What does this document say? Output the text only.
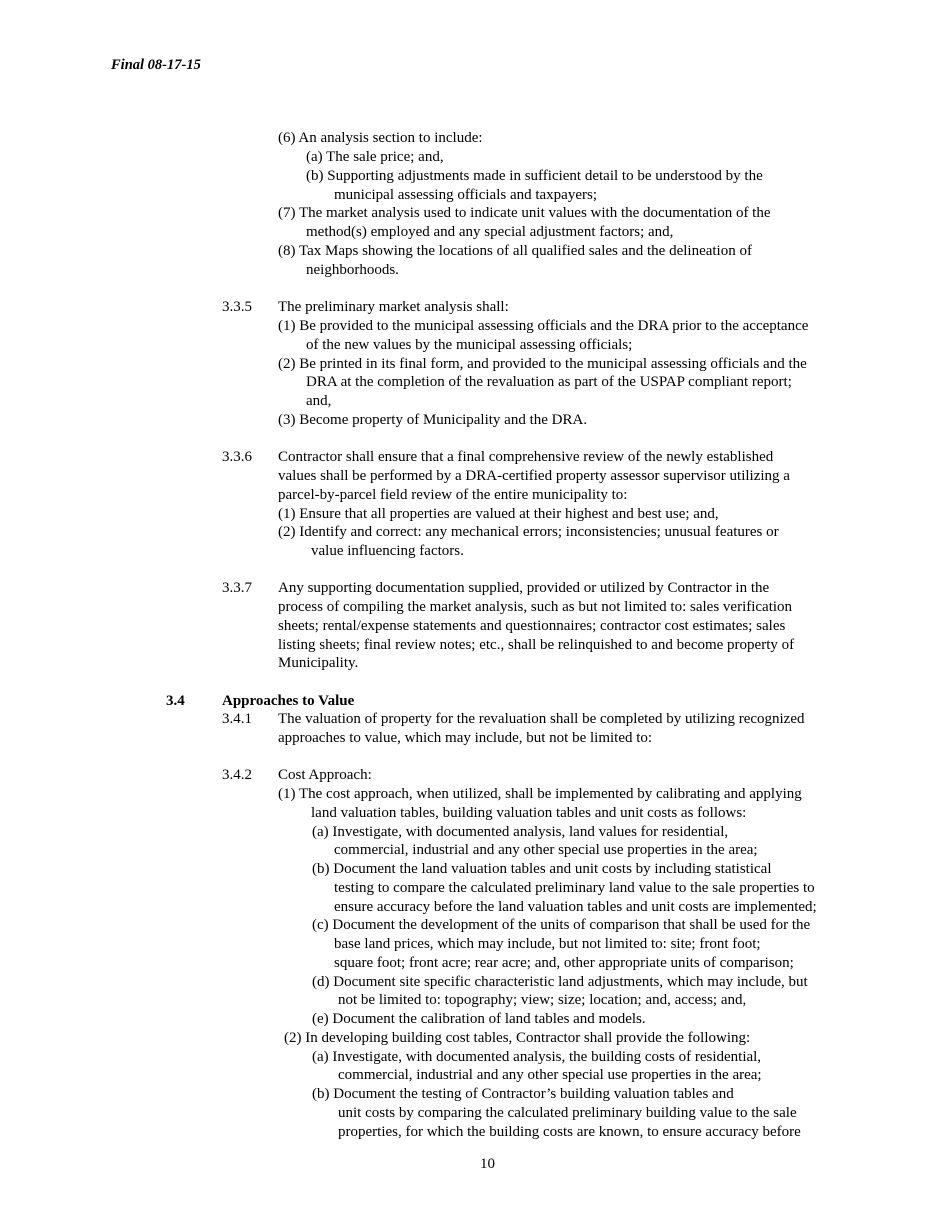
Final 08-17-15
(6) An analysis section to include:
(a) The sale price; and,
(b) Supporting adjustments made in sufficient detail to be understood by the
municipal assessing officials and taxpayers;
(7) The market analysis used to indicate unit values with the documentation of the
method(s) employed and any special adjustment factors; and,
(8) Tax Maps showing the locations of all qualified sales and the delineation of
neighborhoods.
3.3.5 The preliminary market analysis shall:
(1) Be provided to the municipal assessing officials and the DRA prior to the acceptance
of the new values by the municipal assessing officials;
(2) Be printed in its final form, and provided to the municipal assessing officials and the
DRA at the completion of the revaluation as part of the USPAP compliant report;
and,
(3) Become property of Municipality and the DRA.
3.3.6 Contractor shall ensure that a final comprehensive review of the newly established
values shall be performed by a DRA-certified property assessor supervisor utilizing a
parcel-by-parcel field review of the entire municipality to:
(1) Ensure that all properties are valued at their highest and best use; and,
(2) Identify and correct: any mechanical errors; inconsistencies; unusual features or
value influencing factors.
3.3.7 Any supporting documentation supplied, provided or utilized by Contractor in the
process of compiling the market analysis, such as but not limited to: sales verification
sheets; rental/expense statements and questionnaires; contractor cost estimates; sales
listing sheets; final review notes; etc., shall be relinquished to and become property of
Municipality.
3.4 Approaches to Value
3.4.1 The valuation of property for the revaluation shall be completed by utilizing recognized
approaches to value, which may include, but not be limited to:
3.4.2 Cost Approach:
(1) The cost approach, when utilized, shall be implemented by calibrating and applying
land valuation tables, building valuation tables and unit costs as follows:
(a) Investigate, with documented analysis, land values for residential,
commercial, industrial and any other special use properties in the area;
(b) Document the land valuation tables and unit costs by including statistical
testing to compare the calculated preliminary land value to the sale properties to
ensure accuracy before the land valuation tables and unit costs are implemented;
(c) Document the development of the units of comparison that shall be used for the
base land prices, which may include, but not limited to: site; front foot;
square foot; front acre; rear acre; and, other appropriate units of comparison;
(d) Document site specific characteristic land adjustments, which may include, but
not be limited to: topography; view; size; location; and, access; and,
(e) Document the calibration of land tables and models.
(2) In developing building cost tables, Contractor shall provide the following:
(a) Investigate, with documented analysis, the building costs of residential,
commercial, industrial and any other special use properties in the area;
(b) Document the testing of Contractor’s building valuation tables and
unit costs by comparing the calculated preliminary building value to the sale
properties, for which the building costs are known, to ensure accuracy before
10
